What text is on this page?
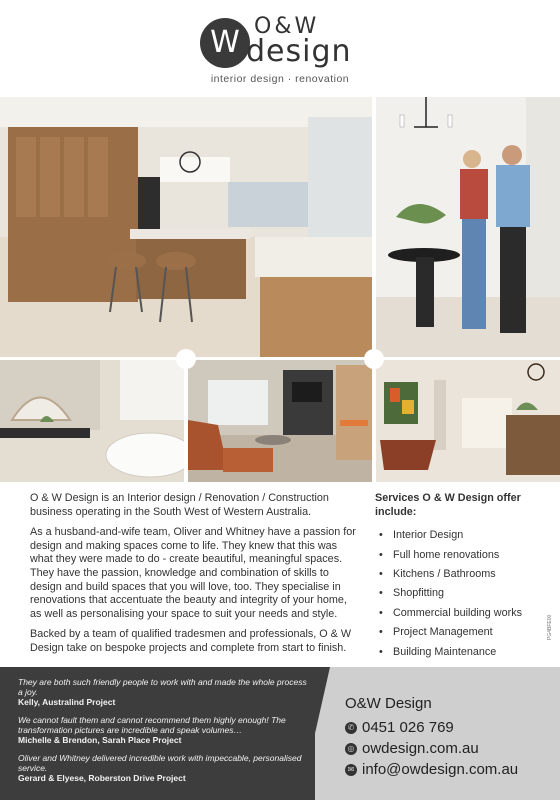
W O&W
design
interior design · renovation

O & W Design is an Interior design / Renovation / Construction business operating in the South West of Western Australia.

As a husband-and-wife team, Oliver and Whitney have a passion for design and making spaces come to life. They knew that this was what they were made to do - create beautiful, meaningful spaces. They have the passion, knowledge and combination of skills to design and build spaces that you will love, too. They specialise in renovations that accentuate the beauty and integrity of your home, as well as personalising your space to suit your needs and style.

Backed by a team of qualified tradesmen and professionals, O & W Design take on bespoke projects and complete from start to finish.

Services O & W Design offer include:
• Interior Design
• Full home renovations
• Kitchens / Bathrooms
• Shopfitting
• Commercial building works
• Project Management
• Building Maintenance
PG4BFE00
They are both such friendly people to work with and made the whole process a joy.
Kelly, Australind Project
We cannot fault them and cannot recommend them highly enough! The transformation pictures are incredible and speak volumes…
Michelle & Brendon, Sarah Place Project
Oliver and Whitney delivered incredible work with impeccable, personalised service.
Gerard & Elyese, Roberston Drive Project
O&W Design
✆ 0451 026 769
◎ owdesign.com.au
✉ info@owdesign.com.au
